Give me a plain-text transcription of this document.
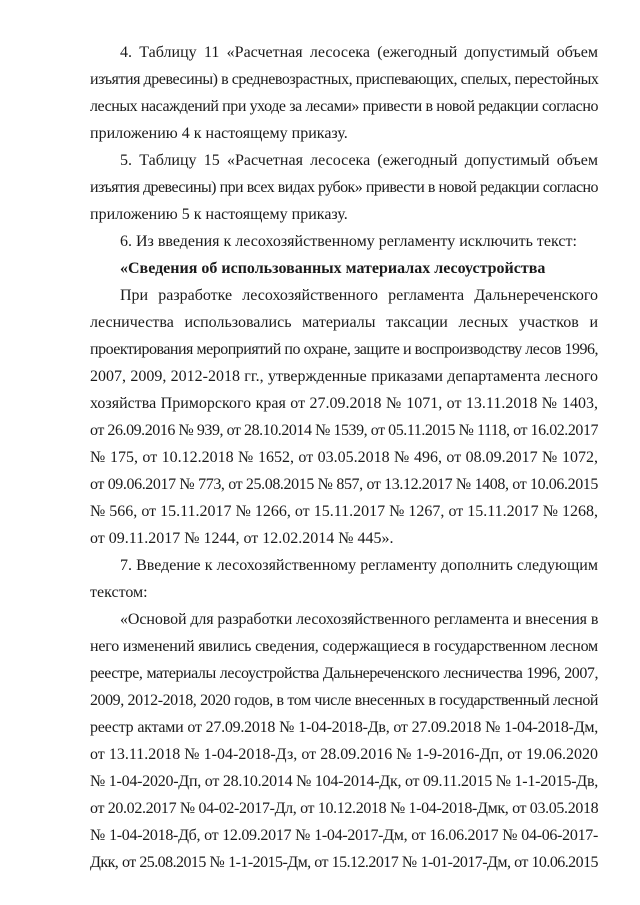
4. Таблицу 11 «Расчетная лесосека (ежегодный допустимый объем
изъятия древесины) в средневозрастных, приспевающих, спелых, перестойных
лесных насаждений при уходе за лесами» привести в новой редакции согласно
приложению 4 к настоящему приказу.
5. Таблицу 15 «Расчетная лесосека (ежегодный допустимый объем
изъятия древесины) при всех видах рубок» привести в новой редакции согласно
приложению 5 к настоящему приказу.
6. Из введения к лесохозяйственному регламенту исключить текст:
«Сведения об использованных материалах лесоустройства
При разработке лесохозяйственного регламента Дальнереченского
лесничества использовались материалы таксации лесных участков и
проектирования мероприятий по охране, защите и воспроизводству лесов 1996,
2007, 2009, 2012-2018 гг., утвержденные приказами департамента лесного
хозяйства Приморского края от 27.09.2018 № 1071, от 13.11.2018 № 1403,
от 26.09.2016 № 939, от 28.10.2014 № 1539, от 05.11.2015 № 1118, от 16.02.2017
№ 175, от 10.12.2018 № 1652, от 03.05.2018 № 496, от 08.09.2017 № 1072,
от 09.06.2017 № 773, от 25.08.2015 № 857, от 13.12.2017 № 1408, от 10.06.2015
№ 566, от 15.11.2017 № 1266, от 15.11.2017 № 1267, от 15.11.2017 № 1268,
от 09.11.2017 № 1244, от 12.02.2014 № 445».
7. Введение к лесохозяйственному регламенту дополнить следующим
текстом:
«Основой для разработки лесохозяйственного регламента и внесения в
него изменений явились сведения, содержащиеся в государственном лесном
реестре, материалы лесоустройства Дальнереченского лесничества 1996, 2007,
2009, 2012-2018, 2020 годов, в том числе внесенных в государственный лесной
реестр актами от 27.09.2018 № 1-04-2018-Дв, от 27.09.2018 № 1-04-2018-Дм,
от 13.11.2018 № 1-04-2018-Дз, от 28.09.2016 № 1-9-2016-Дп, от 19.06.2020
№ 1-04-2020-Дп, от 28.10.2014 № 104-2014-Дк, от 09.11.2015 № 1-1-2015-Дв,
от 20.02.2017 № 04-02-2017-Дл, от 10.12.2018 № 1-04-2018-Дмк, от 03.05.2018
№ 1-04-2018-Дб, от 12.09.2017 № 1-04-2017-Дм, от 16.06.2017 № 04-06-2017-
Дкк, от 25.08.2015 № 1-1-2015-Дм, от 15.12.2017 № 1-01-2017-Дм, от 10.06.2015
